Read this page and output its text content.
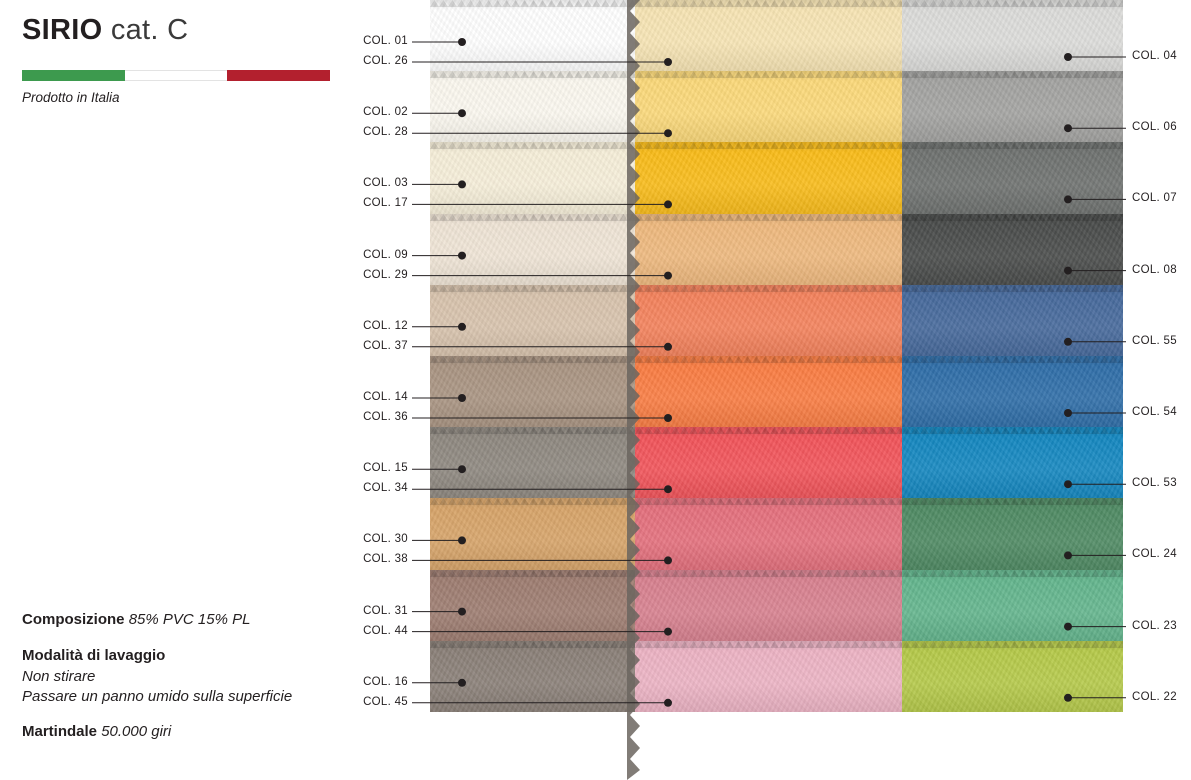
SIRIO cat. C
Prodotto in Italia
Composizione 85% PVC 15% PL
Modalità di lavaggio
Non stirare
Passare un panno umido sulla superficie
Martindale 50.000 giri
COL. 01
COL. 02
COL. 03
COL. 09
COL. 12
COL. 14
COL. 15
COL. 30
COL. 31
COL. 16
COL. 26
COL. 28
COL. 17
COL. 29
COL. 37
COL. 36
COL. 34
COL. 38
COL. 44
COL. 45
COL. 04
COL. 06
COL. 07
COL. 08
COL. 55
COL. 54
COL. 53
COL. 24
COL. 23
COL. 22
